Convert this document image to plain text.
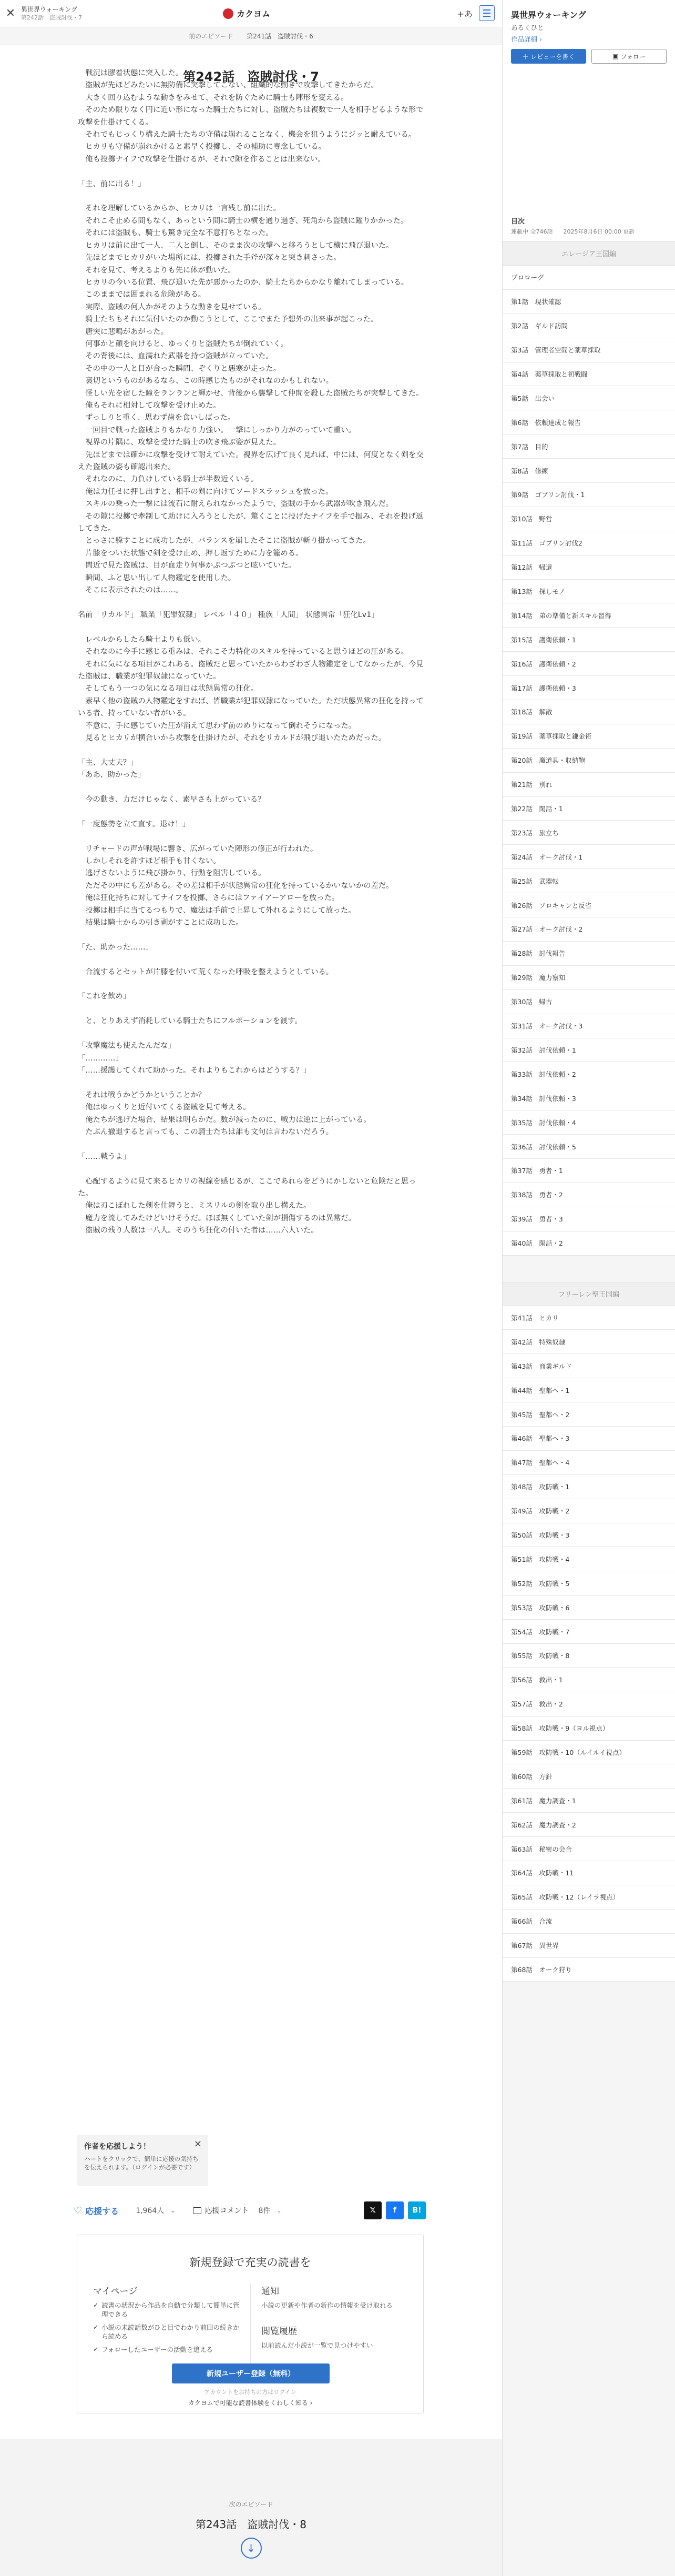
✕ 異世界ウォーキング
第242話　盗賊討伐・7	カクヨム	+あ
前のエピソード 第241話　盗賊討伐・6
第242話　盗賊討伐・7

　戦況は膠着状態に突入した。

　盗賊が先ほどみたいに無防備に突撃してこない、組織的な動きで攻撃してきたからだ。

　大きく回り込むような動きをみせて、それを防ぐために騎士も陣形を変える。

　そのため限りなく円に近い形になった騎士たちに対し、盗賊たちは複数で一人を相手どるような形で攻撃を仕掛けてくる。

　それでもじっくり構えた騎士たちの守備は崩れることなく、機会を狙うようにジッと耐えている。

　ヒカリも守備が崩れかけると素早く投擲し、その補助に専念している。

　俺も投擲ナイフで攻撃を仕掛けるが、それで隙を作ることは出来ない。

「主、前に出る！」

　それを理解しているからか、ヒカリは一言残し前に出た。

　それこそ止める間もなく、あっという間に騎士の横を通り過ぎ、死角から盗賊に躍りかかった。

　それには盗賊も、騎士も驚き完全な不意打ちとなった。

　ヒカリは前に出て一人、二人と倒し、そのまま次の攻撃へと移ろうとして横に飛び退いた。

　先ほどまでヒカリがいた場所には、投擲された手斧が深々と突き刺さった。

　それを見て、考えるよりも先に体が動いた。

　ヒカリの今いる位置、飛び退いた先が悪かったのか、騎士たちからかなり離れてしまっている。

　このままでは囲まれる危険がある。

　実際、盗賊の何人かがそのような動きを見せている。

　騎士たちもそれに気付いたのか動こうとして、ここでまた予想外の出来事が起こった。

　唐突に悲鳴があがった。

　何事かと顔を向けると、ゆっくりと盗賊たちが倒れていく。

　その背後には、血濡れた武器を持つ盗賊が立っていた。

　その中の一人と目が合った瞬間、ぞくりと悪寒が走った。

　裏切というものがあるなら、この時感じたものがそれなのかもしれない。

　怪しい光を宿した瞳をランランと輝かせ、背後から襲撃して仲間を殺した盗賊たちが突撃してきた。

　俺もそれに相対して攻撃を受け止めた。

　ずっしりと重く、思わず歯を食いしばった。

　一回目で戦った盗賊よりもかなり力強い。一撃にしっかり力がのっていて重い。

　視界の片隅に、攻撃を受けた騎士の吹き飛ぶ姿が見えた。

　先ほどまでは確かに攻撃を受けて耐えていた。視界を広げて良く見れば、中には、何度となく剣を交えた盗賊の姿も確認出来た。

　それなのに、力負けしている騎士が半数近くいる。

　俺は力任せに押し出すと、相手の剣に向けてソードスラッシュを放った。

　スキルの乗った一撃には流石に耐えられなかったようで、盗賊の手から武器が吹き飛んだ。

　その隙に投擲で牽制して助けに入ろうとしたが、驚くことに投げたナイフを手で掴み、それを投げ返してきた。

　とっさに躱すことに成功したが、バランスを崩したそこに盗賊が斬り掛かってきた。

　片膝をついた状態で剣を受け止め、押し返すために力を籠める。

　間近で見た盗賊は、目が血走り何事かぶつぶつと呟いていた。

　瞬間、ふと思い出して人物鑑定を使用した。

　そこに表示されたのは……。

名前「リカルド」 職業「犯罪奴隷」 レベル「４０」 種族「人間」 状態異常「狂化Lv1」

　レベルからしたら騎士よりも低い。

　それなのに今手に感じる重みは、それこそ力特化のスキルを持っていると思うほどの圧がある。

　それに気になる項目がこれある。盗賊だと思っていたからわざわざ人物鑑定をしてなかったが、今見た盗賊は、職業が犯罪奴隷になっていた。

　そしてもう一つの気になる項目は状態異常の狂化。

　素早く他の盗賊の人物鑑定をすれば、皆職業が犯罪奴隷になっていた。ただ状態異常の狂化を持っている者、持っていない者がいる。

　不意に、手に感じていた圧が消えて思わず前のめりになって倒れそうになった。

　見るとヒカリが横合いから攻撃を仕掛けたが、それをリカルドが飛び退いたためだった。

「主、大丈夫？」

「ああ、助かった」

　今の動き、力だけじゃなく、素早さも上がっている？

「一度態勢を立て直す。退け！」

　リチャードの声が戦場に響き、広がっていた陣形の修正が行われた。

　しかしそれを許すほど相手も甘くない。

　逃げさないように飛び掛かり、行動を阻害している。

　ただその中にも差がある。その差は相手が状態異常の狂化を持っているかいないかの差だ。

　俺は狂化持ちに対してナイフを投擲、さらにはファイアーアローを放った。

　投擲は相手に当てるつもりで、魔法は手前で上昇して外れるようにして放った。

　結果は騎士からの引き剥がすことに成功した。

「た、助かった……」

　合流するとセットが片膝を付いて荒くなった呼吸を整えようとしている。

「これを飲め」

　と、とりあえず消耗している騎士たちにフルポーションを渡す。

「攻撃魔法も使えたんだな」

「…………」

「……援護してくれて助かった。それよりもこれからはどうする？」

　それは戦うかどうかということか？

　俺はゆっくりと近付いてくる盗賊を見て考える。

　俺たちが逃げた場合、結果は明らかだ。数が減ったのに、戦力は逆に上がっている。

　たぶん撤退すると言っても、この騎士たちは誰も文句は言わないだろう。

「……戦うよ」

　心配するように見て来るヒカリの視線を感じるが、ここであれらをどうにかしないと危険だと思った。

　俺は刃こぼれした剣を仕舞うと、ミスリルの剣を取り出し構えた。

　魔力を流してみたけどいけそうだ。ほぼ無くしていた剣が損傷するのは異常だ。

　盗賊の残り人数は一八人。そのうち狂化の付いた者は……六人いた。

作者を応援しよう！	✕
ハートをクリックで、簡単に応援の気持ちを伝えられます。（ログインが必要です）
♡ 応援する 1,964人 ⌄	応援コメント 8件 ⌄	𝕏	f	B!
新規登録で充実の読書を
マイページ
✓ 読書の状況から作品を自動で分類して簡単に管理できる
✓ 小説の未読話数がひと目でわかり前回の続きから読める
✓ フォローしたユーザーの活動を追える
通知
小説の更新や作者の新作の情報を受け取れる
閲覧履歴
以前読んだ小説が一覧で見つけやすい
新規ユーザー登録（無料）
アカウントをお持ちの方はログイン
カクヨムで可能な読書体験をくわしく知る ›
次のエピソード
第243話　盗賊討伐・8
↓
異世界ウォーキング
あるくひと
作品詳細 ›
＋ レビューを書く	▣ フォロー
目次
連載中 全746話 2025年8月6日 00:00 更新
エレージア王国編
プロローグ
第1話　現状確認
第2話　ギルド訪問
第3話　管理者空間と薬草採取
第4話　薬草採取と初戦闘
第5話　出会い
第6話　依頼達成と報告
第7話　目的
第8話　修練
第9話　ゴブリン討伐・1
第10話　野営
第11話　ゴブリン討伐2
第12話　帰還
第13話　探しモノ
第14話　弟の準備と新スキル習得
第15話　護衛依頼・1
第16話　護衛依頼・2
第17話　護衛依頼・3
第18話　解散
第19話　薬草採取と鎌金術
第20話　魔道具・収納鞄
第21話　別れ
第22話　閑話・1
第23話　旅立ち
第24話　オーク討伐・1
第25話　武器転
第26話　ソロキャンと反省
第27話　オーク討伐・2
第28話　討伐報告
第29話　魔力察知
第30話　帰古
第31話　オーク討伐・3
第32話　討伐依頼・1
第33話　討伐依頼・2
第34話　討伐依頼・3
第35話　討伐依頼・4
第36話　討伐依頼・5
第37話　勇者・1
第38話　勇者・2
第39話　勇者・3
第40話　閑話・2
フリーレン聖王国編
第41話　ヒカリ
第42話　特殊奴隷
第43話　商業ギルド
第44話　聖都へ・1
第45話　聖都へ・2
第46話　聖都へ・3
第47話　聖都へ・4
第48話　攻防戦・1
第49話　攻防戦・2
第50話　攻防戦・3
第51話　攻防戦・4
第52話　攻防戦・5
第53話　攻防戦・6
第54話　攻防戦・7
第55話　攻防戦・8
第56話　救出・1
第57話　救出・2
第58話　攻防戦・9（ヨル視点）
第59話　攻防戦・10（ルイルイ視点）
第60話　方針
第61話　魔力調査・1
第62話　魔力調査・2
第63話　秘密の会合
第64話　攻防戦・11
第65話　攻防戦・12（レイラ視点）
第66話　合流
第67話　異世界
第68話　オーク狩り
